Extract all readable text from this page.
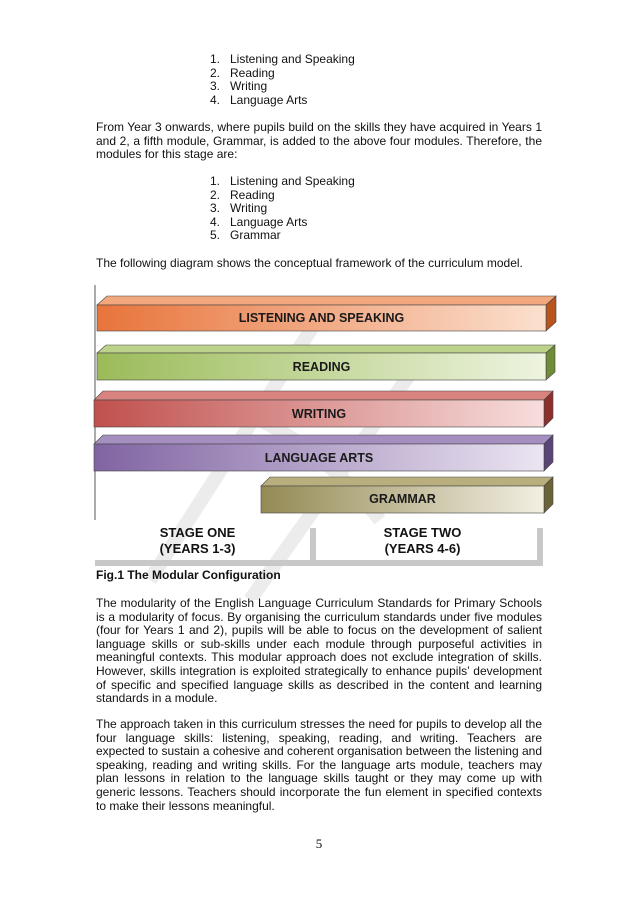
1. Listening and Speaking
2. Reading
3. Writing
4. Language Arts

From Year 3 onwards, where pupils build on the skills they have acquired in Years 1 and 2, a fifth module, Grammar, is added to the above four modules. Therefore, the modules for this stage are:

1. Listening and Speaking
2. Reading
3. Writing
4. Language Arts
5. Grammar

The following diagram shows the conceptual framework of the curriculum model.

LISTENING AND SPEAKING
READING
WRITING
LANGUAGE ARTS
GRAMMAR
STAGE ONE
(YEARS 1-3)
STAGE TWO
(YEARS 4-6)
Fig.1 The Modular Configuration

The modularity of the English Language Curriculum Standards for Primary Schools is a modularity of focus. By organising the curriculum standards under five modules (four for Years 1 and 2), pupils will be able to focus on the development of salient language skills or sub-skills under each module through purposeful activities in meaningful contexts. This modular approach does not exclude integration of skills. However, skills integration is exploited strategically to enhance pupils’ development of specific and specified language skills as described in the content and learning standards in a module.

The approach taken in this curriculum stresses the need for pupils to develop all the four language skills: listening, speaking, reading, and writing. Teachers are expected to sustain a cohesive and coherent organisation between the listening and speaking, reading and writing skills. For the language arts module, teachers may plan lessons in relation to the language skills taught or they may come up with generic lessons. Teachers should incorporate the fun element in specified contexts to make their lessons meaningful.

5
